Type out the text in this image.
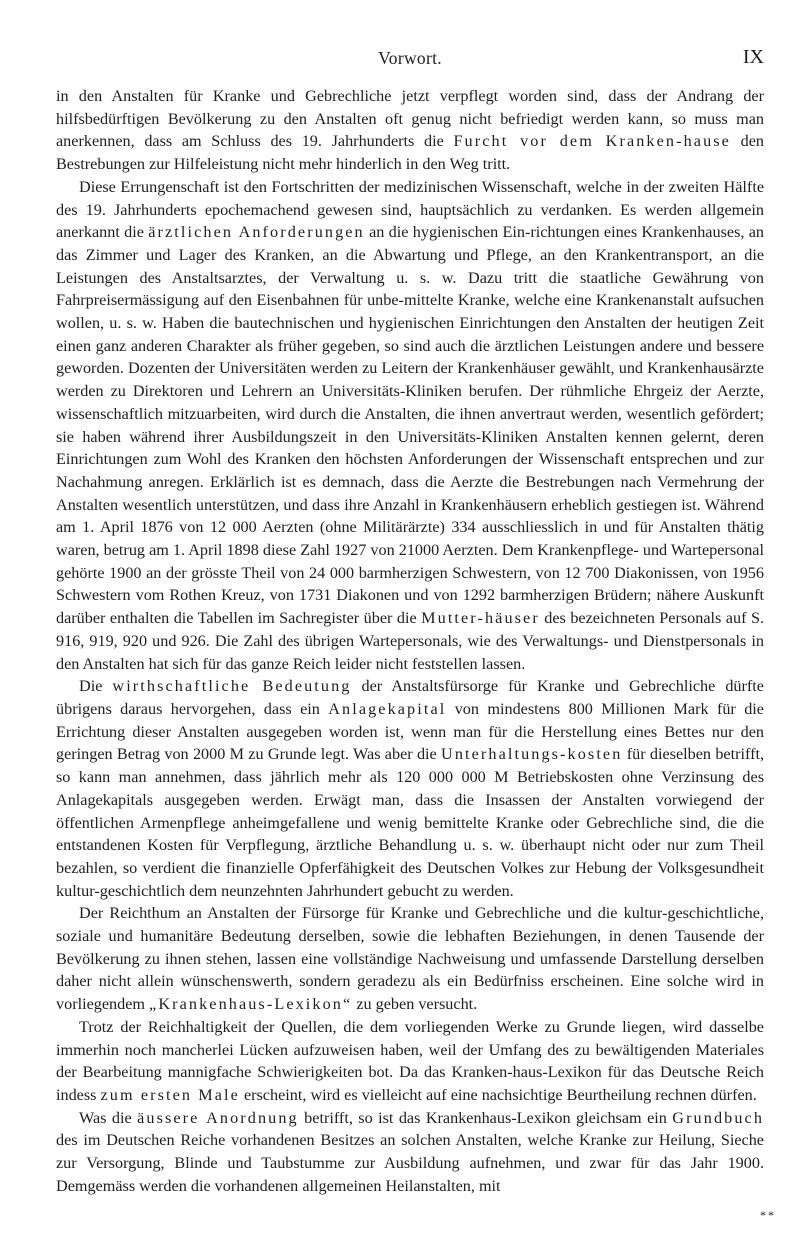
Vorwort.	IX

in den Anstalten für Kranke und Gebrechliche jetzt verpflegt worden sind, dass der Andrang der hilfsbedürftigen Bevölkerung zu den Anstalten oft genug nicht befriedigt werden kann, so muss man anerkennen, dass am Schluss des 19. Jahrhunderts die Furcht vor dem Kranken-hause den Bestrebungen zur Hilfeleistung nicht mehr hinderlich in den Weg tritt.

Diese Errungenschaft ist den Fortschritten der medizinischen Wissenschaft, welche in der zweiten Hälfte des 19. Jahrhunderts epochemachend gewesen sind, hauptsächlich zu verdanken. Es werden allgemein anerkannt die ärztlichen Anforderungen an die hygienischen Ein-richtungen eines Krankenhauses, an das Zimmer und Lager des Kranken, an die Abwartung und Pflege, an den Krankentransport, an die Leistungen des Anstaltsarztes, der Verwaltung u. s. w. Dazu tritt die staatliche Gewährung von Fahrpreisermässigung auf den Eisenbahnen für unbe-mittelte Kranke, welche eine Krankenanstalt aufsuchen wollen, u. s. w. Haben die bautechnischen und hygienischen Einrichtungen den Anstalten der heutigen Zeit einen ganz anderen Charakter als früher gegeben, so sind auch die ärztlichen Leistungen andere und bessere geworden. Dozenten der Universitäten werden zu Leitern der Krankenhäuser gewählt, und Krankenhausärzte werden zu Direktoren und Lehrern an Universitäts-Kliniken berufen. Der rühmliche Ehrgeiz der Aerzte, wissenschaftlich mitzuarbeiten, wird durch die Anstalten, die ihnen anvertraut werden, wesentlich gefördert; sie haben während ihrer Ausbildungszeit in den Universitäts-Kliniken Anstalten kennen gelernt, deren Einrichtungen zum Wohl des Kranken den höchsten Anforderungen der Wissenschaft entsprechen und zur Nachahmung anregen. Erklärlich ist es demnach, dass die Aerzte die Bestrebungen nach Vermehrung der Anstalten wesentlich unterstützen, und dass ihre Anzahl in Krankenhäusern erheblich gestiegen ist. Während am 1. April 1876 von 12 000 Aerzten (ohne Militärärzte) 334 ausschliesslich in und für Anstalten thätig waren, betrug am 1. April 1898 diese Zahl 1927 von 21000 Aerzten. Dem Krankenpflege- und Wartepersonal gehörte 1900 an der grösste Theil von 24 000 barmherzigen Schwestern, von 12 700 Diakonissen, von 1956 Schwestern vom Rothen Kreuz, von 1731 Diakonen und von 1292 barmherzigen Brüdern; nähere Auskunft darüber enthalten die Tabellen im Sachregister über die Mutter-häuser des bezeichneten Personals auf S. 916, 919, 920 und 926. Die Zahl des übrigen Wartepersonals, wie des Verwaltungs- und Dienstpersonals in den Anstalten hat sich für das ganze Reich leider nicht feststellen lassen.

Die wirthschaftliche Bedeutung der Anstaltsfürsorge für Kranke und Gebrechliche dürfte übrigens daraus hervorgehen, dass ein Anlagekapital von mindestens 800 Millionen Mark für die Errichtung dieser Anstalten ausgegeben worden ist, wenn man für die Herstellung eines Bettes nur den geringen Betrag von 2000 M zu Grunde legt. Was aber die Unterhaltungs-kosten für dieselben betrifft, so kann man annehmen, dass jährlich mehr als 120 000 000 M Betriebskosten ohne Verzinsung des Anlagekapitals ausgegeben werden. Erwägt man, dass die Insassen der Anstalten vorwiegend der öffentlichen Armenpflege anheimgefallene und wenig bemittelte Kranke oder Gebrechliche sind, die die entstandenen Kosten für Verpflegung, ärztliche Behandlung u. s. w. überhaupt nicht oder nur zum Theil bezahlen, so verdient die finanzielle Opferfähigkeit des Deutschen Volkes zur Hebung der Volksgesundheit kultur-geschichtlich dem neunzehnten Jahrhundert gebucht zu werden.

Der Reichthum an Anstalten der Fürsorge für Kranke und Gebrechliche und die kultur-geschichtliche, soziale und humanitäre Bedeutung derselben, sowie die lebhaften Beziehungen, in denen Tausende der Bevölkerung zu ihnen stehen, lassen eine vollständige Nachweisung und umfassende Darstellung derselben daher nicht allein wünschenswerth, sondern geradezu als ein Bedürfniss erscheinen. Eine solche wird in vorliegendem „Krankenhaus-Lexikon“ zu geben versucht.

Trotz der Reichhaltigkeit der Quellen, die dem vorliegenden Werke zu Grunde liegen, wird dasselbe immerhin noch mancherlei Lücken aufzuweisen haben, weil der Umfang des zu bewältigenden Materiales der Bearbeitung mannigfache Schwierigkeiten bot. Da das Kranken-haus-Lexikon für das Deutsche Reich indess zum ersten Male erscheint, wird es vielleicht auf eine nachsichtige Beurtheilung rechnen dürfen.

Was die äussere Anordnung betrifft, so ist das Krankenhaus-Lexikon gleichsam ein Grundbuch des im Deutschen Reiche vorhandenen Besitzes an solchen Anstalten, welche Kranke zur Heilung, Sieche zur Versorgung, Blinde und Taubstumme zur Ausbildung aufnehmen, und zwar für das Jahr 1900. Demgemäss werden die vorhandenen allgemeinen Heilanstalten, mit

**
